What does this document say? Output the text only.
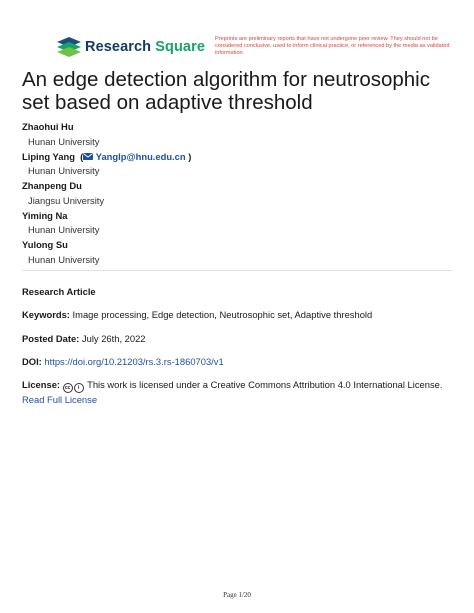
Research Square Preprints are preliminary reports that have not undergone peer review. They should not be considered conclusive, used to inform clinical practice, or referenced by the media as validated information.
An edge detection algorithm for neutrosophic set based on adaptive threshold
Zhaohui Hu
Hunan University
Liping Yang  ( Yanglp@hnu.edu.cn )
Hunan University
Zhanpeng Du
Jiangsu University
Yiming Na
Hunan University
Yulong Su
Hunan University
Research Article
Keywords: Image processing, Edge detection, Neutrosophic set, Adaptive threshold
Posted Date: July 26th, 2022
DOI: https://doi.org/10.21203/rs.3.rs-1860703/v1
License: cc i This work is licensed under a Creative Commons Attribution 4.0 International License.
Read Full License
Page 1/20
